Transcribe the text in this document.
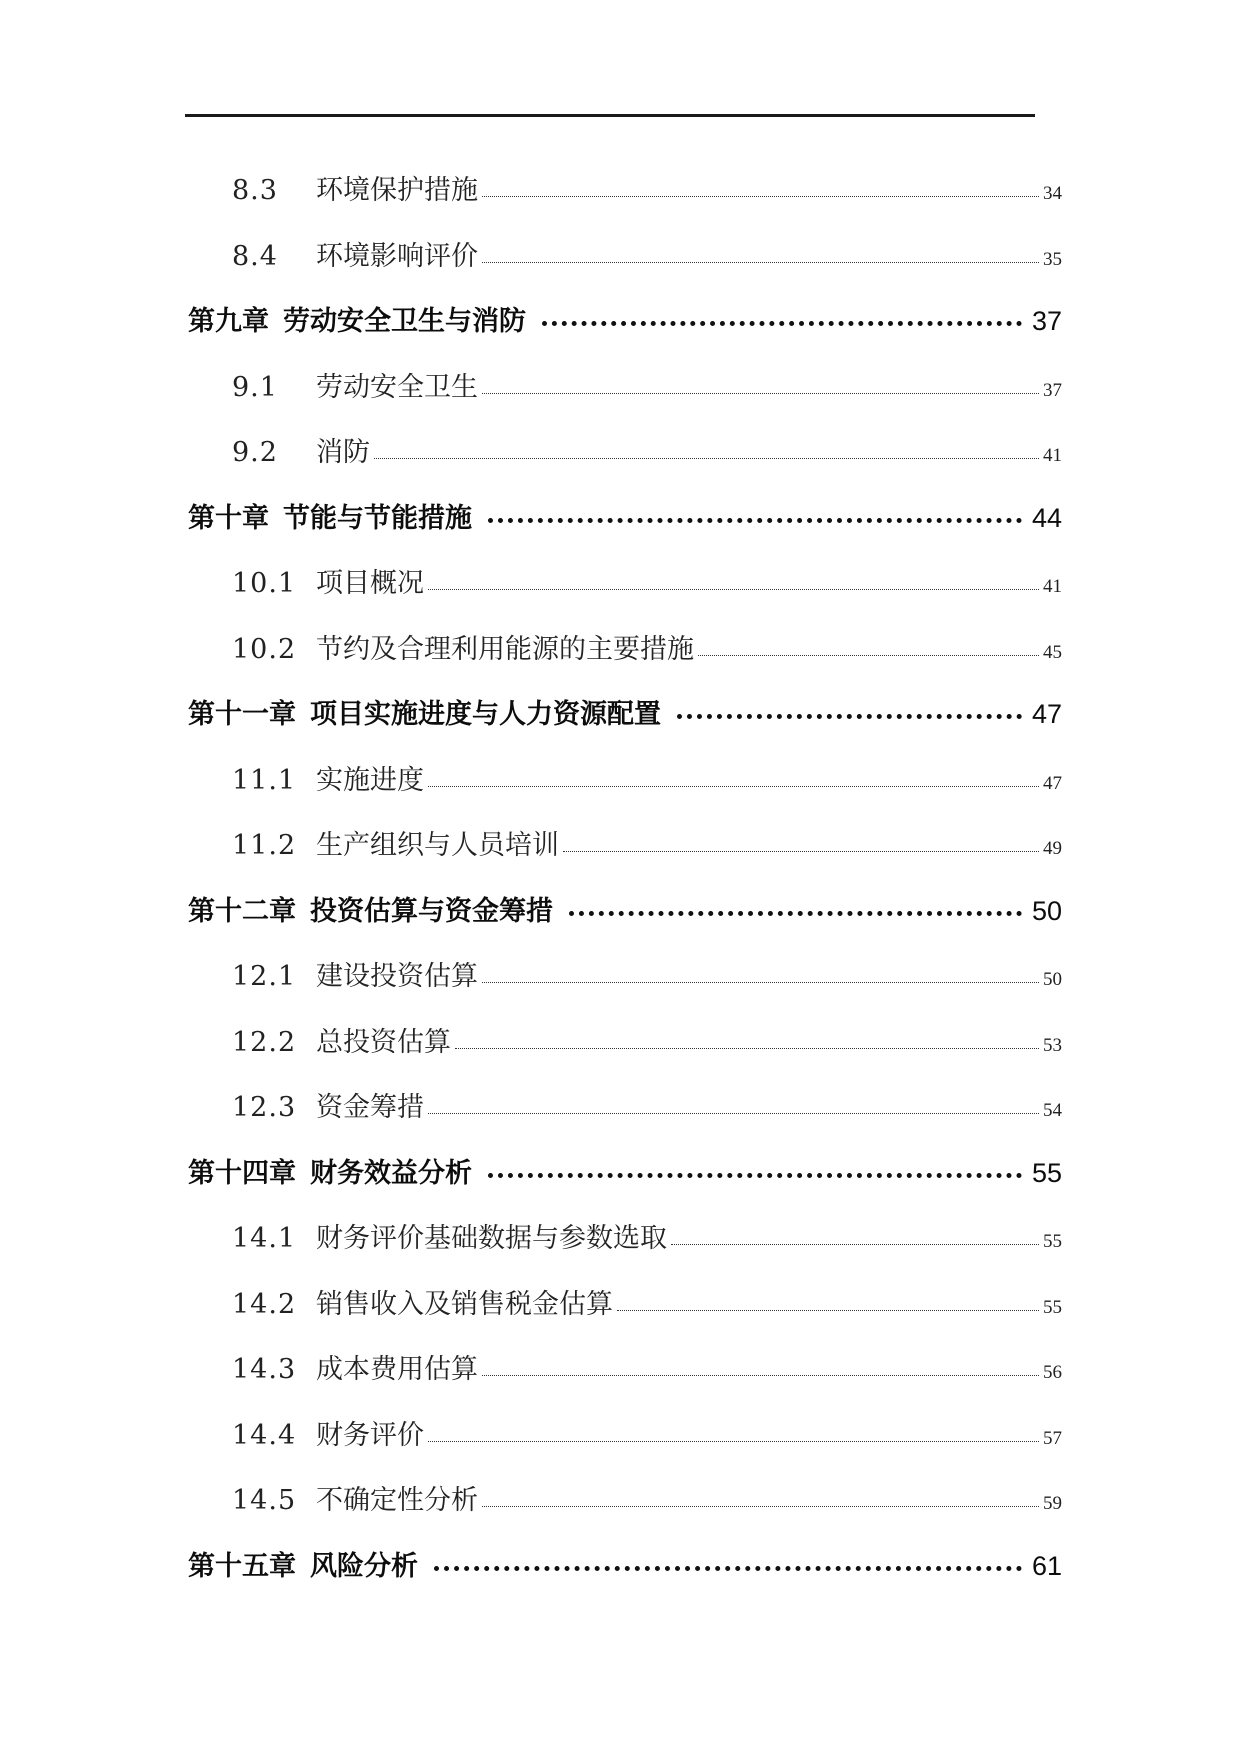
8.3	环境保护措施	34
8.4	环境影响评价	35
第九章 劳动安全卫生与消防	37
9.1	劳动安全卫生	37
9.2	消防	41
第十章 节能与节能措施	44
10.1 项目概况	41
10.2 节约及合理利用能源的主要措施	45
第十一章 项目实施进度与人力资源配置	47
11.1 实施进度	47
11.2 生产组织与人员培训	49
第十二章 投资估算与资金筹措	50
12.1 建设投资估算	50
12.2 总投资估算	53
12.3 资金筹措	54
第十四章 财务效益分析	55
14.1 财务评价基础数据与参数选取	55
14.2 销售收入及销售税金估算	55
14.3 成本费用估算	56
14.4 财务评价	57
14.5 不确定性分析	59
第十五章 风险分析	61
